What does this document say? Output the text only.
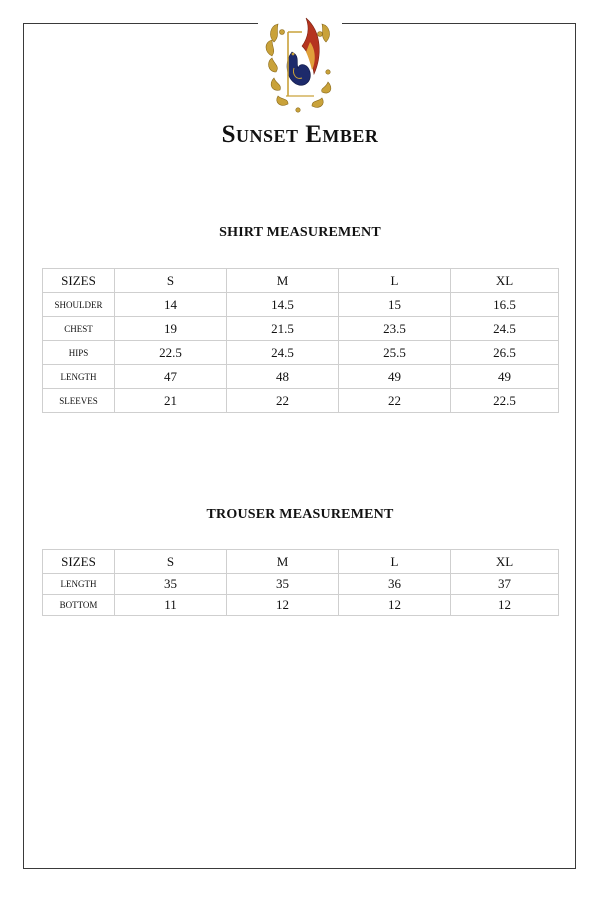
Sunset Ember
SHIRT MEASUREMENT
SIZES	S	M	L	XL
SHOULDER	14	14.5	15	16.5
CHEST	19	21.5	23.5	24.5
HIPS	22.5	24.5	25.5	26.5
LENGTH	47	48	49	49
SLEEVES	21	22	22	22.5
TROUSER MEASUREMENT
SIZES	S	M	L	XL
LENGTH	35	35	36	37
BOTTOM	11	12	12	12
